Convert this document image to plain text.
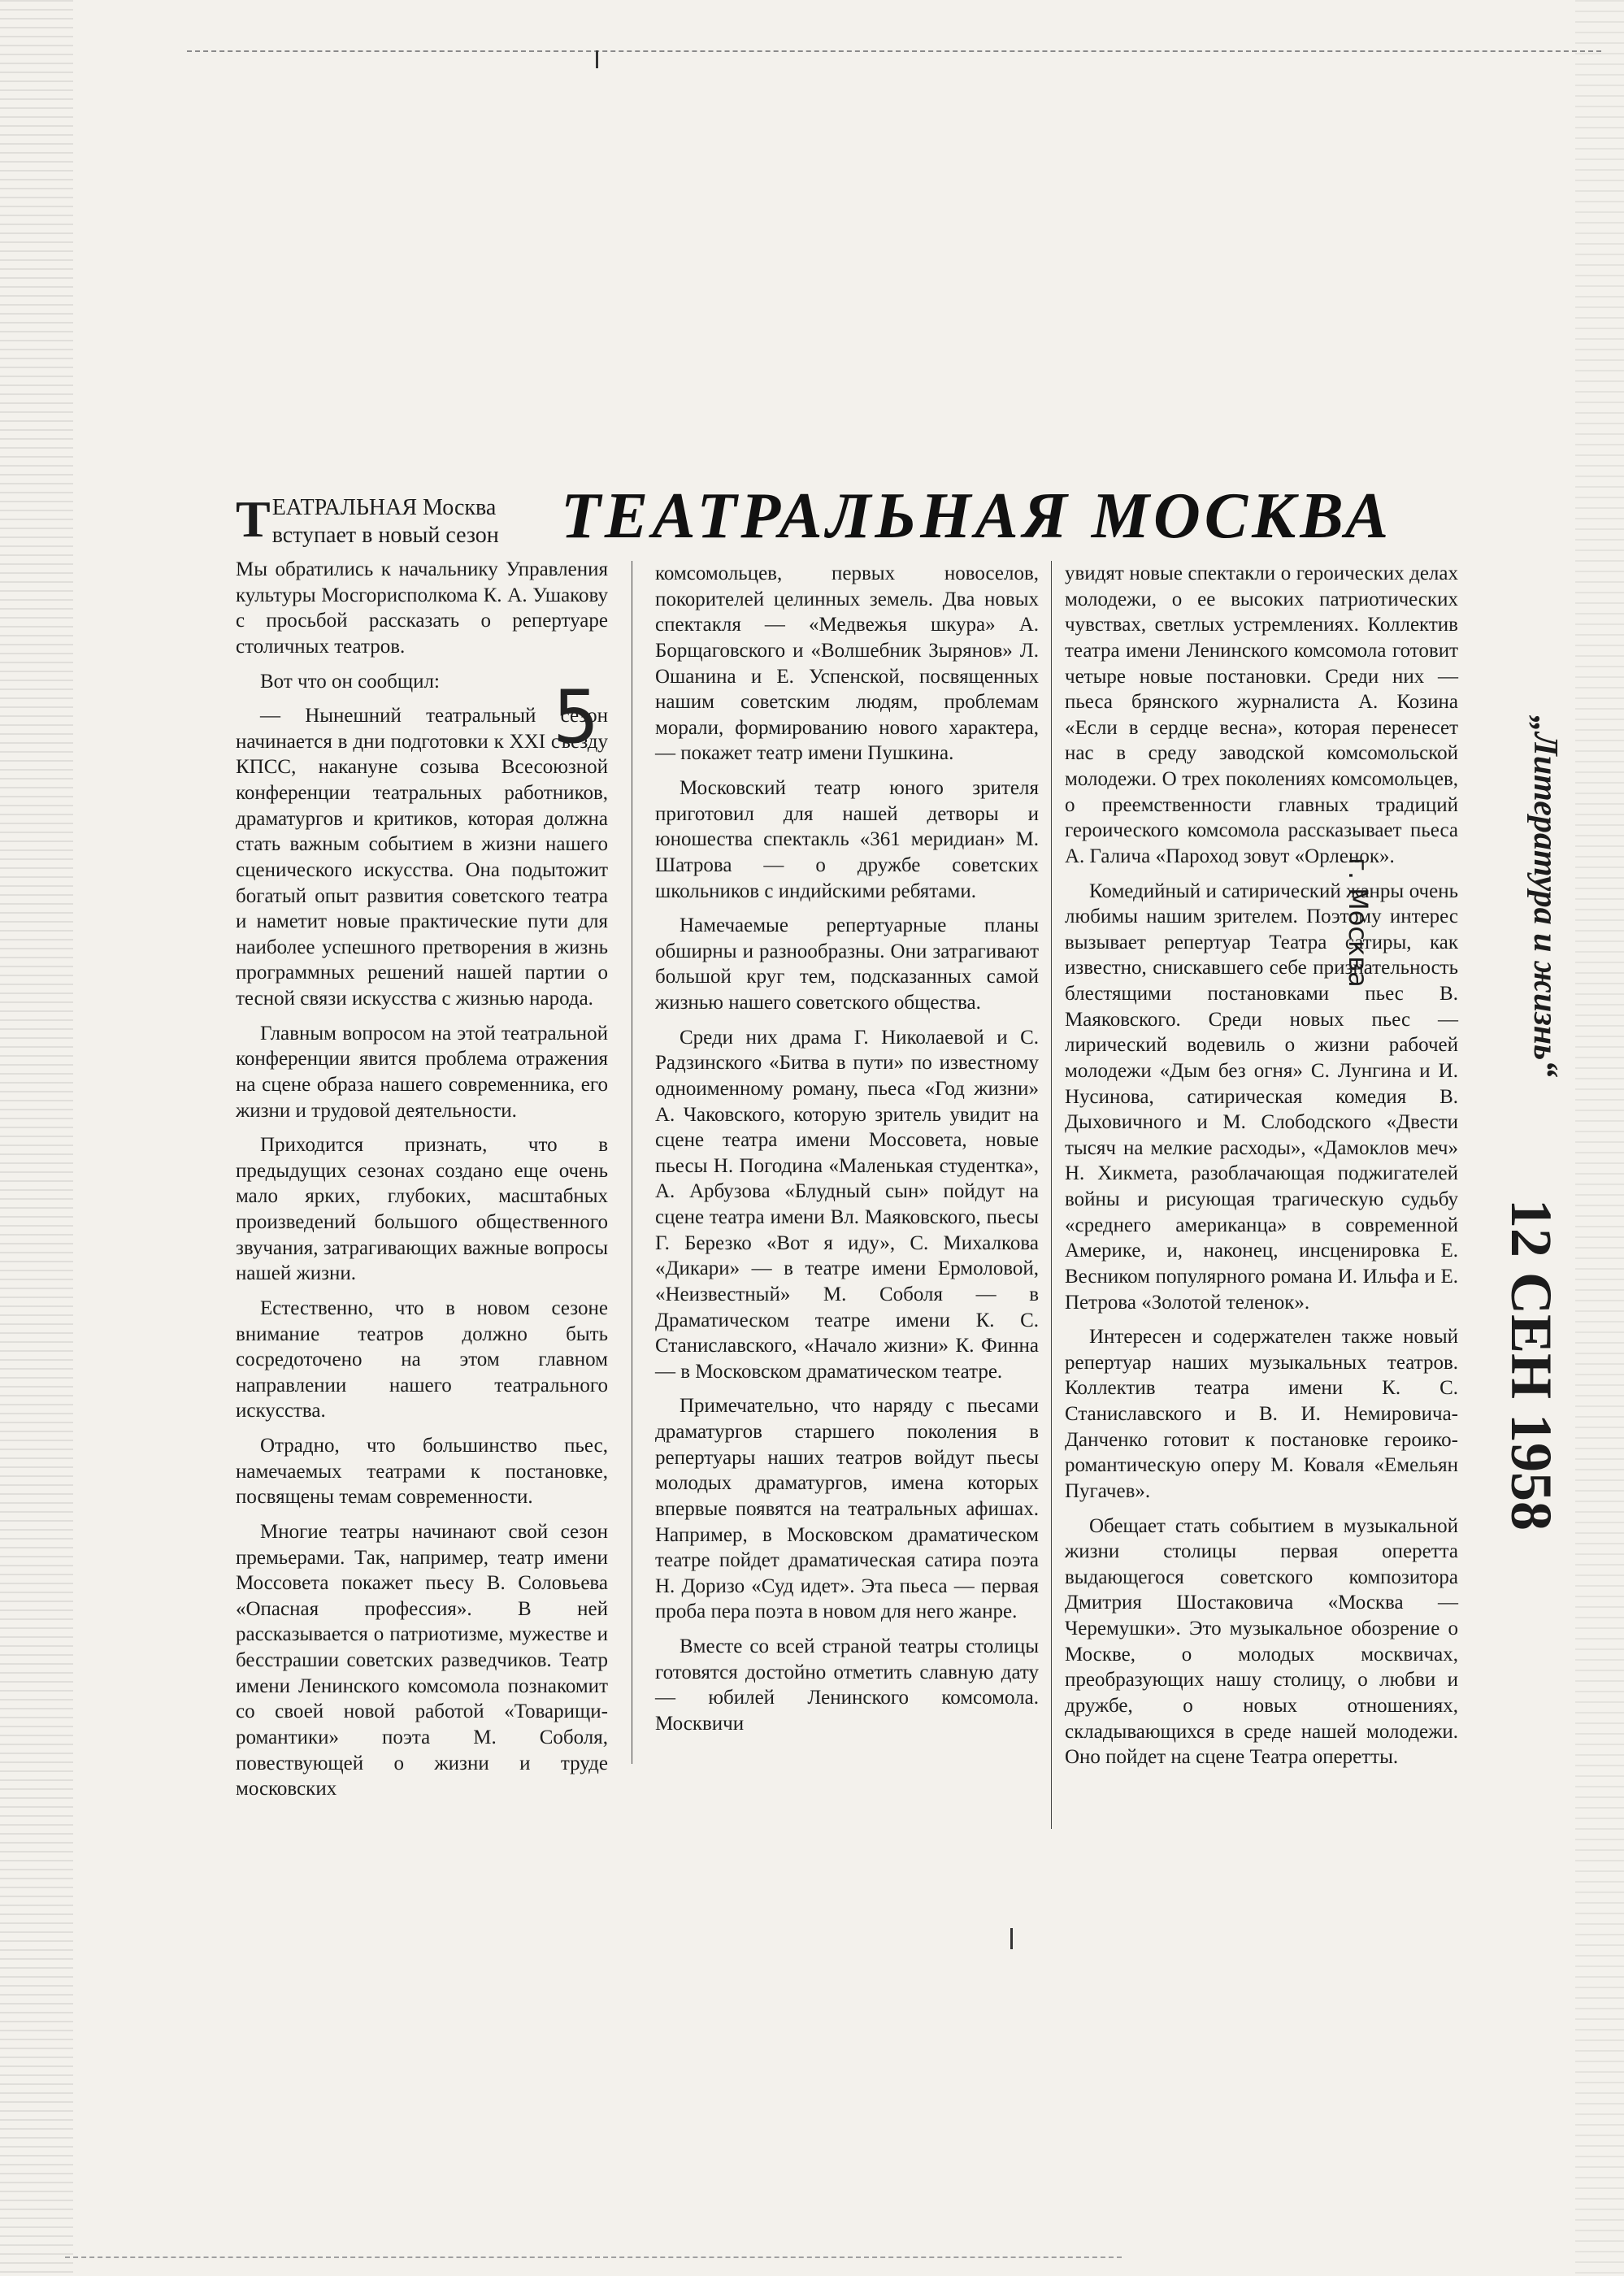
ТЕАТРАЛЬНАЯ МОСКВА
Т ЕАТРАЛЬНАЯ Москва вступает в новый сезон

Мы обратились к начальнику Управления культуры Мосгорисполкома К. А. Ушакову с просьбой рассказать о репертуаре столичных театров.

Вот что он сообщил:

— Нынешний театральный сезон начинается в дни подготовки к XXI съезду КПСС, накануне созыва Всесоюзной конференции театральных работников, драматургов и критиков, которая должна стать важным событием в жизни нашего сценического искусства. Она подытожит богатый опыт развития советского театра и наметит новые практические пути для наиболее успешного претворения в жизнь программных решений нашей партии о тесной связи искусства с жизнью народа.

Главным вопросом на этой театральной конференции явится проблема отражения на сцене образа нашего современника, его жизни и трудовой деятельности.

Приходится признать, что в предыдущих сезонах создано еще очень мало ярких, глубоких, масштабных произведений большого общественного звучания, затрагивающих важные вопросы нашей жизни.

Естественно, что в новом сезоне внимание театров должно быть сосредоточено на этом главном направлении нашего театрального искусства.

Отрадно, что большинство пьес, намечаемых театрами к постановке, посвящены темам современности.

Многие театры начинают свой сезон премьерами. Так, например, театр имени Моссовета покажет пьесу В. Соловьева «Опасная профессия». В ней рассказывается о патриотизме, мужестве и бесстрашии советских разведчиков. Театр имени Ленинского комсомола познакомит со своей новой работой «Товарищи-романтики» поэта М. Соболя, повествующей о жизни и труде московских

комсомольцев, первых новоселов, покорителей целинных земель. Два новых спектакля — «Медвежья шкура» А. Борщаговского и «Волшебник Зырянов» Л. Ошанина и Е. Успенской, посвященных нашим советским людям, проблемам морали, формированию нового характера,— покажет театр имени Пушкина.

Московский театр юного зрителя приготовил для нашей детворы и юношества спектакль «361 меридиан» М. Шатрова — о дружбе советских школьников с индийскими ребятами.

Намечаемые репертуарные планы обширны и разнообразны. Они затрагивают большой круг тем, подсказанных самой жизнью нашего советского общества.

Среди них драма Г. Николаевой и С. Радзинского «Битва в пути» по известному одноименному роману, пьеса «Год жизни» А. Чаковского, которую зритель увидит на сцене театра имени Моссовета, новые пьесы Н. Погодина «Маленькая студентка», А. Арбузова «Блудный сын» пойдут на сцене театра имени Вл. Маяковского, пьесы Г. Березко «Вот я иду», С. Михалкова «Дикари» — в театре имени Ермоловой, «Неизвестный» М. Соболя — в Драматическом театре имени К. С. Станиславского, «Начало жизни» К. Финна — в Московском драматическом театре.

Примечательно, что наряду с пьесами драматургов старшего поколения в репертуары наших театров войдут пьесы молодых драматургов, имена которых впервые появятся на театральных афишах. Например, в Московском драматическом театре пойдет драматическая сатира поэта Н. Доризо «Суд идет». Эта пьеса — первая проба пера поэта в новом для него жанре.

Вместе со всей страной театры столицы готовятся достойно отметить славную дату — юбилей Ленинского комсомола. Москвичи

увидят новые спектакли о героических делах молодежи, о ее высоких патриотических чувствах, светлых устремлениях. Коллектив театра имени Ленинского комсомола готовит четыре новые постановки. Среди них — пьеса брянского журналиста А. Козина «Если в сердце весна», которая перенесет нас в среду заводской комсомольской молодежи. О трех поколениях комсомольцев, о преемственности главных традиций героического комсомола рассказывает пьеса А. Галича «Пароход зовут «Орленок».

Комедийный и сатирический жанры очень любимы нашим зрителем. Поэтому интерес вызывает репертуар Театра сатиры, как известно, снискавшего себе признательность блестящими постановками пьес В. Маяковского. Среди новых пьес — лирический водевиль о жизни рабочей молодежи «Дым без огня» С. Лунгина и И. Нусинова, сатирическая комедия В. Дыховичного и М. Слободского «Двести тысяч на мелкие расходы», «Дамоклов меч» Н. Хикмета, разоблачающая поджигателей войны и рисующая трагическую судьбу «среднего американца» в современной Америке, и, наконец, инсценировка Е. Весником популярного романа И. Ильфа и Е. Петрова «Золотой теленок».

Интересен и содержателен также новый репертуар наших музыкальных театров. Коллектив театра имени К. С. Станиславского и В. И. Немировича-Данченко готовит к постановке героико-романтическую оперу М. Коваля «Емельян Пугачев».

Обещает стать событием в музыкальной жизни столицы первая оперетта выдающегося советского композитора Дмитрия Шостаковича «Москва — Черемушки». Это музыкальное обозрение о Москве, о молодых москвичах, преобразующих нашу столицу, о любви и дружбе, о новых отношениях, складывающихся в среде нашей молодежи. Оно пойдет на сцене Театра оперетты.

5
г. Москва	„Литература и жизнь“
12 СЕН 1958
